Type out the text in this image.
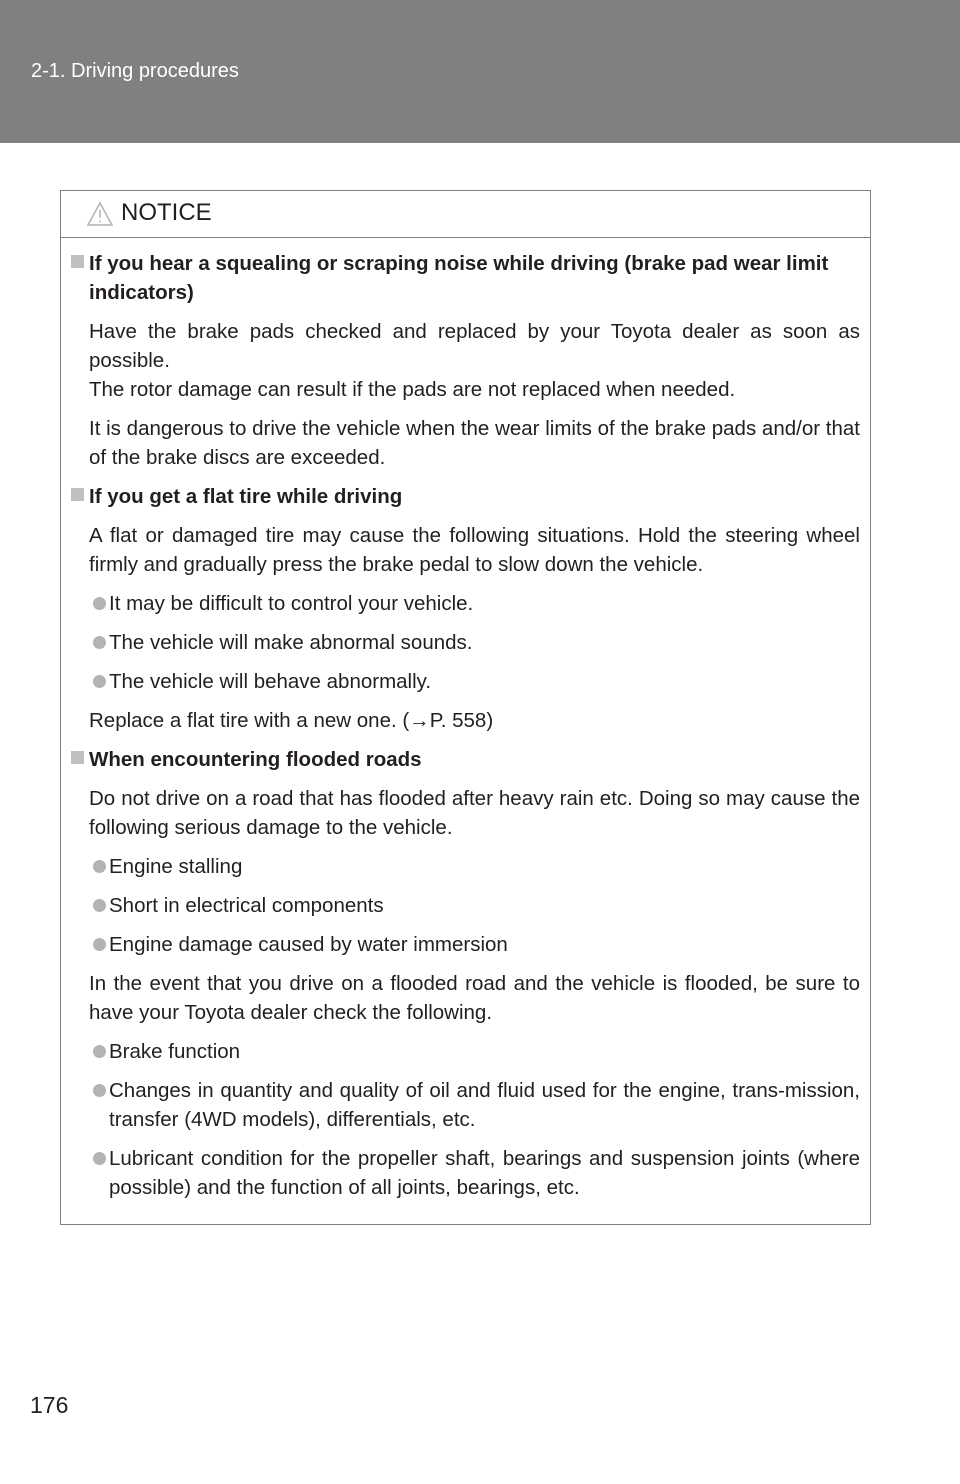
2-1. Driving procedures
NOTICE
If you hear a squealing or scraping noise while driving (brake pad wear limit indicators)
Have the brake pads checked and replaced by your Toyota dealer as soon as possible.
The rotor damage can result if the pads are not replaced when needed.
It is dangerous to drive the vehicle when the wear limits of the brake pads and/or that of the brake discs are exceeded.
If you get a flat tire while driving
A flat or damaged tire may cause the following situations. Hold the steering wheel firmly and gradually press the brake pedal to slow down the vehicle.
It may be difficult to control your vehicle.
The vehicle will make abnormal sounds.
The vehicle will behave abnormally.
Replace a flat tire with a new one. (→P. 558)
When encountering flooded roads
Do not drive on a road that has flooded after heavy rain etc. Doing so may cause the following serious damage to the vehicle.
Engine stalling
Short in electrical components
Engine damage caused by water immersion
In the event that you drive on a flooded road and the vehicle is flooded, be sure to have your Toyota dealer check the following.
Brake function
Changes in quantity and quality of oil and fluid used for the engine, trans-mission, transfer (4WD models), differentials, etc.
Lubricant condition for the propeller shaft, bearings and suspension joints (where possible) and the function of all joints, bearings, etc.
176
